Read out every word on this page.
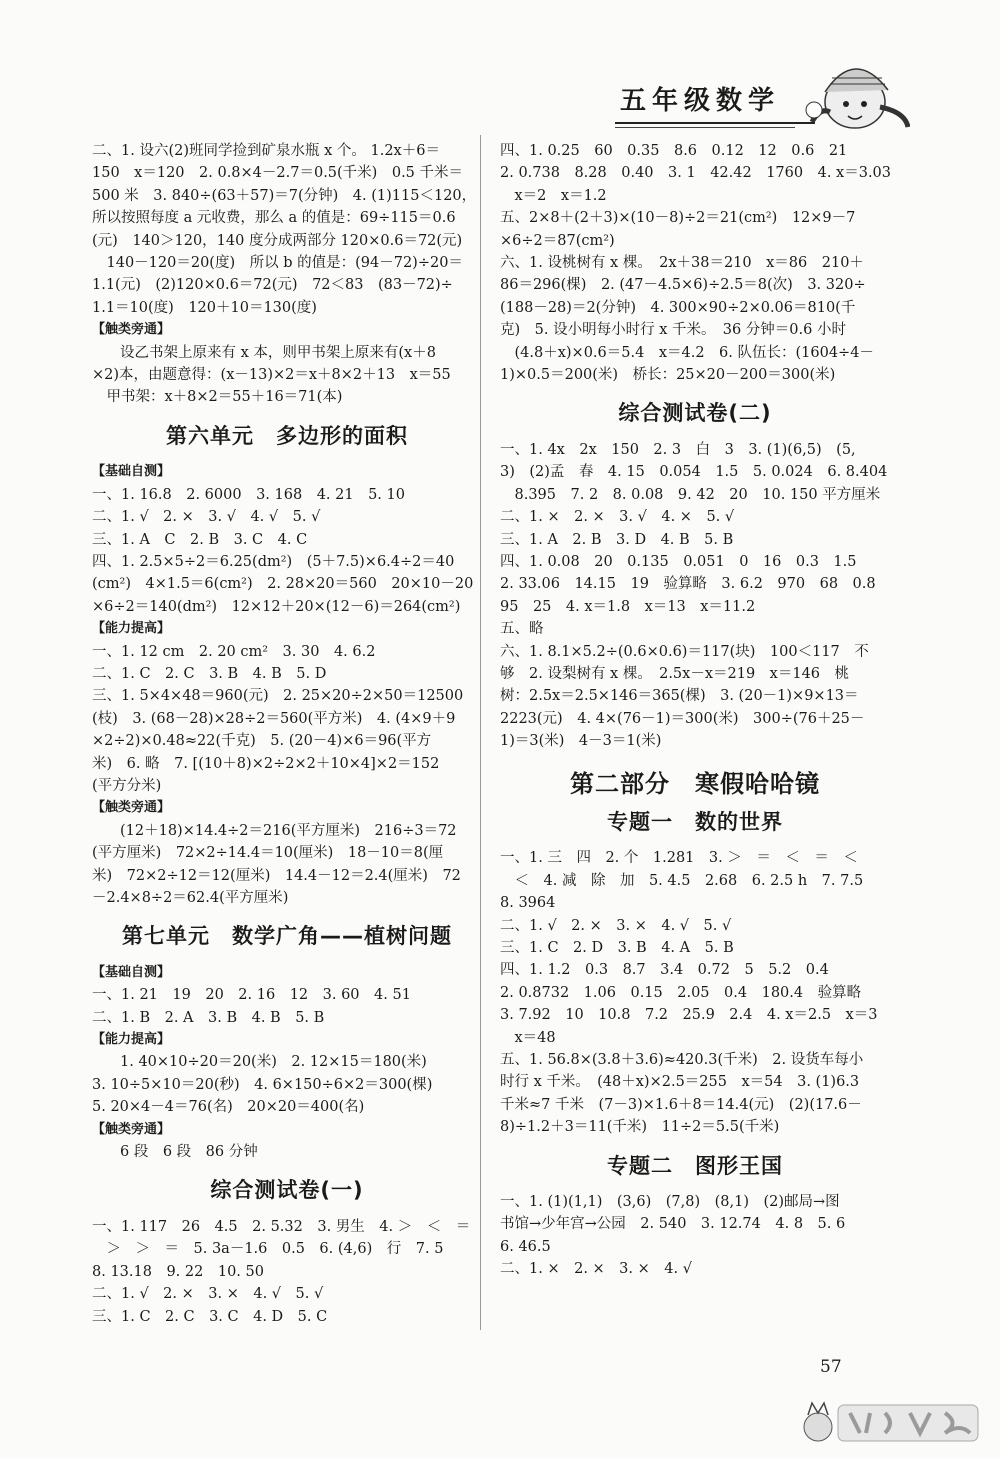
五年级数学
二、1. 设六(2)班同学捡到矿泉水瓶 x 个。 1.2x＋6＝
150　x＝120　2. 0.8×4－2.7＝0.5(千米)　0.5 千米＝
500 米　3. 840÷(63＋57)＝7(分钟)　4. (1)115＜120，
所以按照每度 a 元收费，那么 a 的值是：69÷115＝0.6
(元)　140＞120，140 度分成两部分 120×0.6＝72(元)
　140－120＝20(度)　所以 b 的值是：(94－72)÷20＝
1.1(元)　(2)120×0.6＝72(元)　72＜83　(83－72)÷
1.1＝10(度)　120＋10＝130(度)
【触类旁通】
设乙书架上原来有 x 本，则甲书架上原来有(x＋8
×2)本，由题意得：(x－13)×2＝x＋8×2＋13　x＝55
　甲书架：x＋8×2＝55＋16＝71(本)
第六单元　多边形的面积
【基础自测】
一、1. 16.8　2. 6000　3. 168　4. 21　5. 10
二、1. √　2. ×　3. √　4. √　5. √
三、1. A　C　2. B　3. C　4. C
四、1. 2.5×5÷2＝6.25(dm²)　(5＋7.5)×6.4÷2＝40
(cm²)　4×1.5＝6(cm²)　2. 28×20＝560　20×10－20
×6÷2＝140(dm²)　12×12＋20×(12－6)＝264(cm²)
【能力提高】
一、1. 12 cm　2. 20 cm²　3. 30　4. 6.2
二、1. C　2. C　3. B　4. B　5. D
三、1. 5×4×48＝960(元)　2. 25×20÷2×50＝12500
(枝)　3. (68－28)×28÷2＝560(平方米)　4. (4×9＋9
×2÷2)×0.48≈22(千克)　5. (20－4)×6＝96(平方
米)　6. 略　7. [(10＋8)×2÷2×2＋10×4]×2＝152
(平方分米)
【触类旁通】
(12＋18)×14.4÷2＝216(平方厘米)　216÷3＝72
(平方厘米)　72×2÷14.4＝10(厘米)　18－10＝8(厘
米)　72×2÷12＝12(厘米)　14.4－12＝2.4(厘米)　72
－2.4×8÷2＝62.4(平方厘米)
第七单元　数学广角——植树问题
【基础自测】
一、1. 21　19　20　2. 16　12　3. 60　4. 51
二、1. B　2. A　3. B　4. B　5. B
【能力提高】
1. 40×10÷20＝20(米)　2. 12×15＝180(米)
3. 10÷5×10＝20(秒)　4. 6×150÷6×2＝300(棵)
5. 20×4－4＝76(名)　20×20＝400(名)
【触类旁通】
6 段　6 段　86 分钟
综合测试卷(一)
一、1. 117　26　4.5　2. 5.32　3. 男生　4. ＞　＜　＝
　＞　＞　＝　5. 3a－1.6　0.5　6. (4,6)　行　7. 5
8. 13.18　9. 22　10. 50
二、1. √　2. ×　3. ×　4. √　5. √
三、1. C　2. C　3. C　4. D　5. C
四、1. 0.25　60　0.35　8.6　0.12　12　0.6　21
2. 0.738　8.28　0.40　3. 1　42.42　1760　4. x＝3.03
　x＝2　x＝1.2
五、2×8＋(2＋3)×(10－8)÷2＝21(cm²)　12×9－7
×6÷2＝87(cm²)
六、1. 设桃树有 x 棵。　2x＋38＝210　x＝86　210＋
86＝296(棵)　2. (47－4.5×6)÷2.5＝8(次)　3. 320÷
(188－28)＝2(分钟)　4. 300×90÷2×0.06＝810(千
克)　5. 设小明每小时行 x 千米。　36 分钟＝0.6 小时
　(4.8＋x)×0.6＝5.4　x＝4.2　6. 队伍长：(1604÷4－
1)×0.5＝200(米)　桥长：25×20－200＝300(米)
综合测试卷(二)
一、1. 4x　2x　150　2. 3　白　3　3. (1)(6,5)　(5,
3)　(2)孟　春　4. 15　0.054　1.5　5. 0.024　6. 8.404
　8.395　7. 2　8. 0.08　9. 42　20　10. 150 平方厘米
二、1. ×　2. ×　3. √　4. ×　5. √
三、1. A　2. B　3. D　4. B　5. B
四、1. 0.08　20　0.135　0.051　0　16　0.3　1.5
2. 33.06　14.15　19　验算略　3. 6.2　970　68　0.8
95　25　4. x＝1.8　x＝13　x＝11.2
五、略
六、1. 8.1×5.2÷(0.6×0.6)＝117(块)　100＜117　不
够　2. 设梨树有 x 棵。　2.5x－x＝219　x＝146　桃
树：2.5x＝2.5×146＝365(棵)　3. (20－1)×9×13＝
2223(元)　4. 4×(76－1)＝300(米)　300÷(76＋25－
1)＝3(米)　4－3＝1(米)
第二部分　寒假哈哈镜
专题一　数的世界
一、1. 三　四　2. 个　1.281　3. ＞　＝　＜　＝　＜
　＜　4. 减　除　加　5. 4.5　2.68　6. 2.5 h　7. 7.5
8. 3964
二、1. √　2. ×　3. ×　4. √　5. √
三、1. C　2. D　3. B　4. A　5. B
四、1. 1.2　0.3　8.7　3.4　0.72　5　5.2　0.4
2. 0.8732　1.06　0.15　2.05　0.4　180.4　验算略
3. 7.92　10　10.8　7.2　25.9　2.4　4. x＝2.5　x＝3
　x＝48
五、1. 56.8×(3.8＋3.6)≈420.3(千米)　2. 设货车每小
时行 x 千米。　(48＋x)×2.5＝255　x＝54　3. (1)6.3
千米≈7 千米　(7－3)×1.6＋8＝14.4(元)　(2)(17.6－
8)÷1.2＋3＝11(千米)　11÷2＝5.5(千米)
专题二　图形王国
一、1. (1)(1,1)　(3,6)　(7,8)　(8,1)　(2)邮局→图
书馆→少年宫→公园　2. 540　3. 12.74　4. 8　5. 6
6. 46.5
二、1. ×　2. ×　3. ×　4. √
57
